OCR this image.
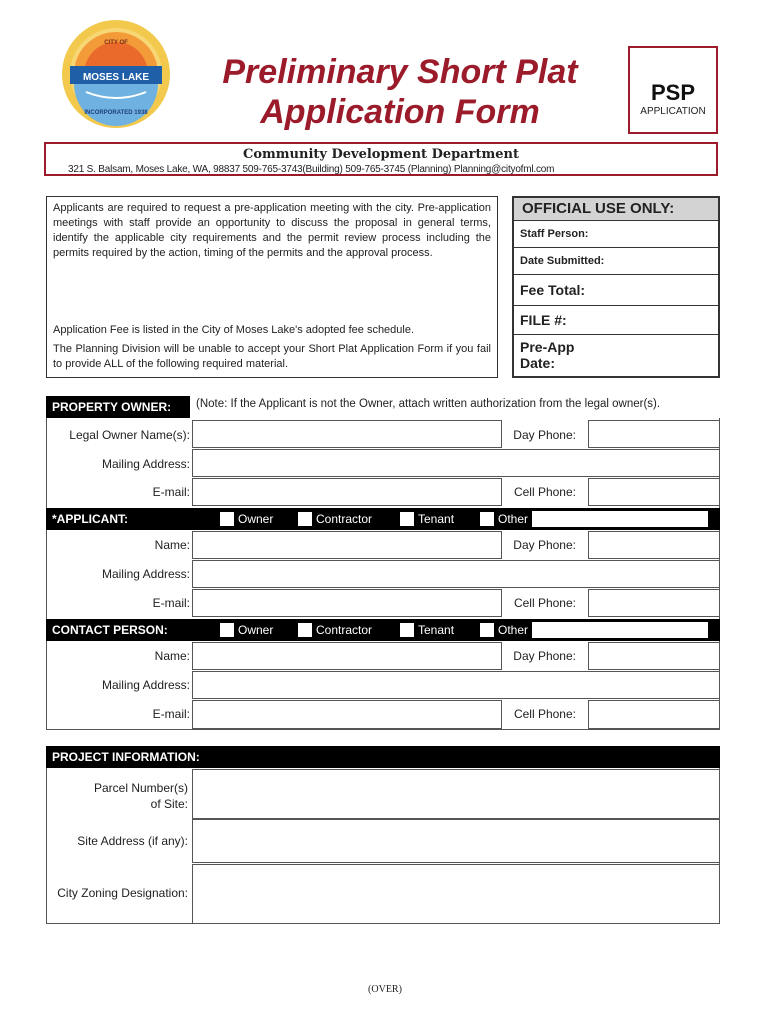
MOSES LAKE
CITY OF
INCORPORATED 1938
Preliminary Short Plat
Application Form
PSP
APPLICATION
Community Development Department
321 S. Balsam, Moses Lake, WA, 98837 509-765-3743(Building) 509-765-3745 (Planning) Planning@cityofml.com

Applicants are required to request a pre-application meeting with the city. Pre-application meetings with staff provide an opportunity to discuss the proposal in general terms, identify the applicable city requirements and the permit review process including the permits required by the action, timing of the permits and the approval process.

Application Fee is listed in the City of Moses Lake's adopted fee schedule.

The Planning Division will be unable to accept your Short Plat Application Form if you fail to provide ALL of the following required material.

OFFICIAL USE ONLY:
Staff Person:
Date Submitted:
Fee Total:
FILE #:
Pre-App
Date:
PROPERTY OWNER: (Note: If the Applicant is not the Owner, attach written authorization from the legal owner(s).
Legal Owner Name(s):	Day Phone:
Mailing Address:
E-mail:	Cell Phone:
*APPLICANT:	Owner	Contractor	Tenant	Other
Name:	Day Phone:
Mailing Address:
E-mail:	Cell Phone:
CONTACT PERSON:	Owner	Contractor	Tenant	Other
Name:	Day Phone:
Mailing Address:
E-mail:	Cell Phone:
PROJECT INFORMATION:
Parcel Number(s)
of Site:
Site Address (if any):
City Zoning Designation:
(OVER)
